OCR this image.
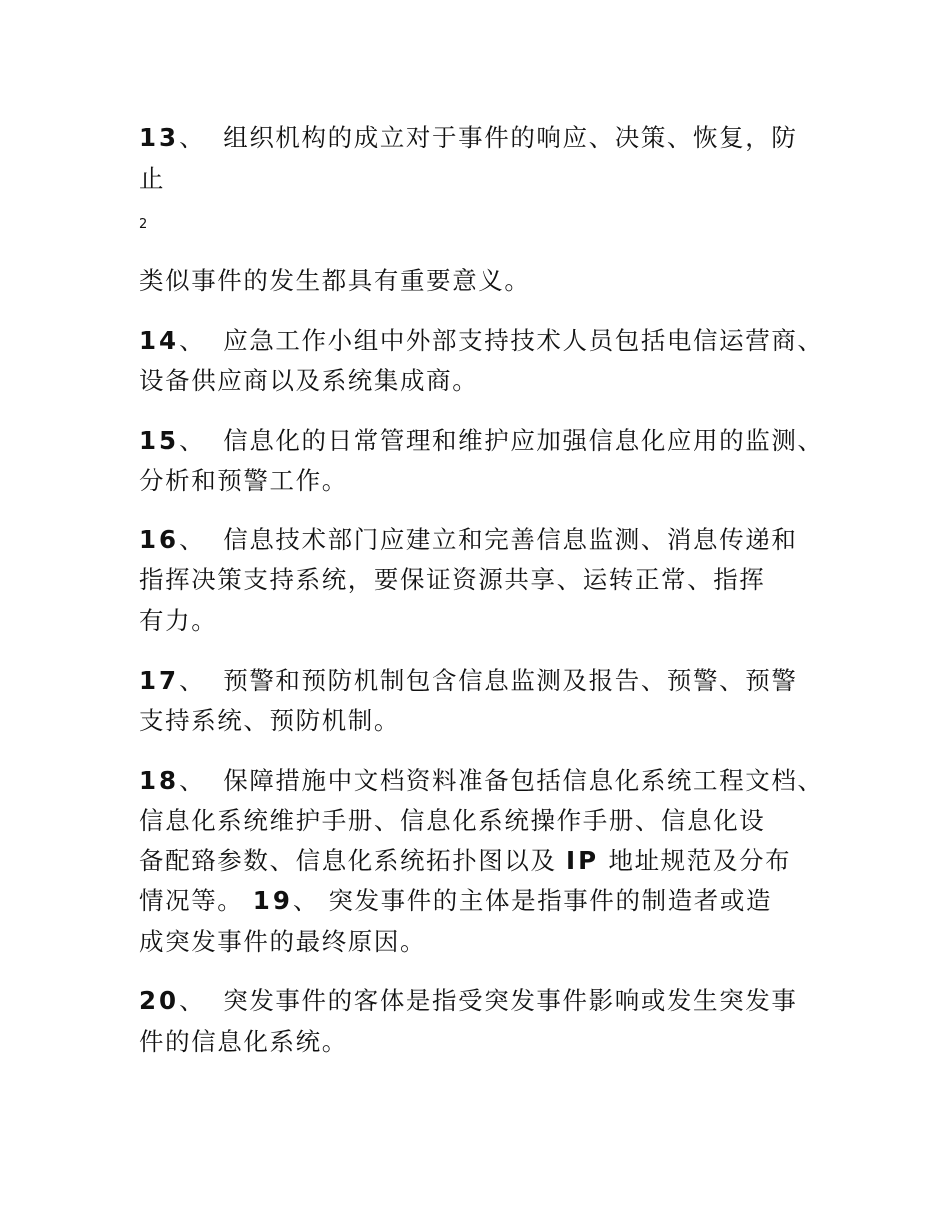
13、 组织机构的成立对于事件的响应、决策、恢复，防
止
2
类似事件的发生都具有重要意义。
14、 应急工作小组中外部支持技术人员包括电信运营商、
设备供应商以及系统集成商。
15、 信息化的日常管理和维护应加强信息化应用的监测、
分析和预警工作。
16、 信息技术部门应建立和完善信息监测、消息传递和
指挥决策支持系统，要保证资源共享、运转正常、指挥
有力。
17、 预警和预防机制包含信息监测及报告、预警、预警
支持系统、预防机制。
18、 保障措施中文档资料准备包括信息化系统工程文档、
信息化系统维护手册、信息化系统操作手册、信息化设
备配臵参数、信息化系统拓扑图以及 IP 地址规范及分布
情况等。 19、 突发事件的主体是指事件的制造者或造
成突发事件的最终原因。
20、 突发事件的客体是指受突发事件影响或发生突发事
件的信息化系统。
